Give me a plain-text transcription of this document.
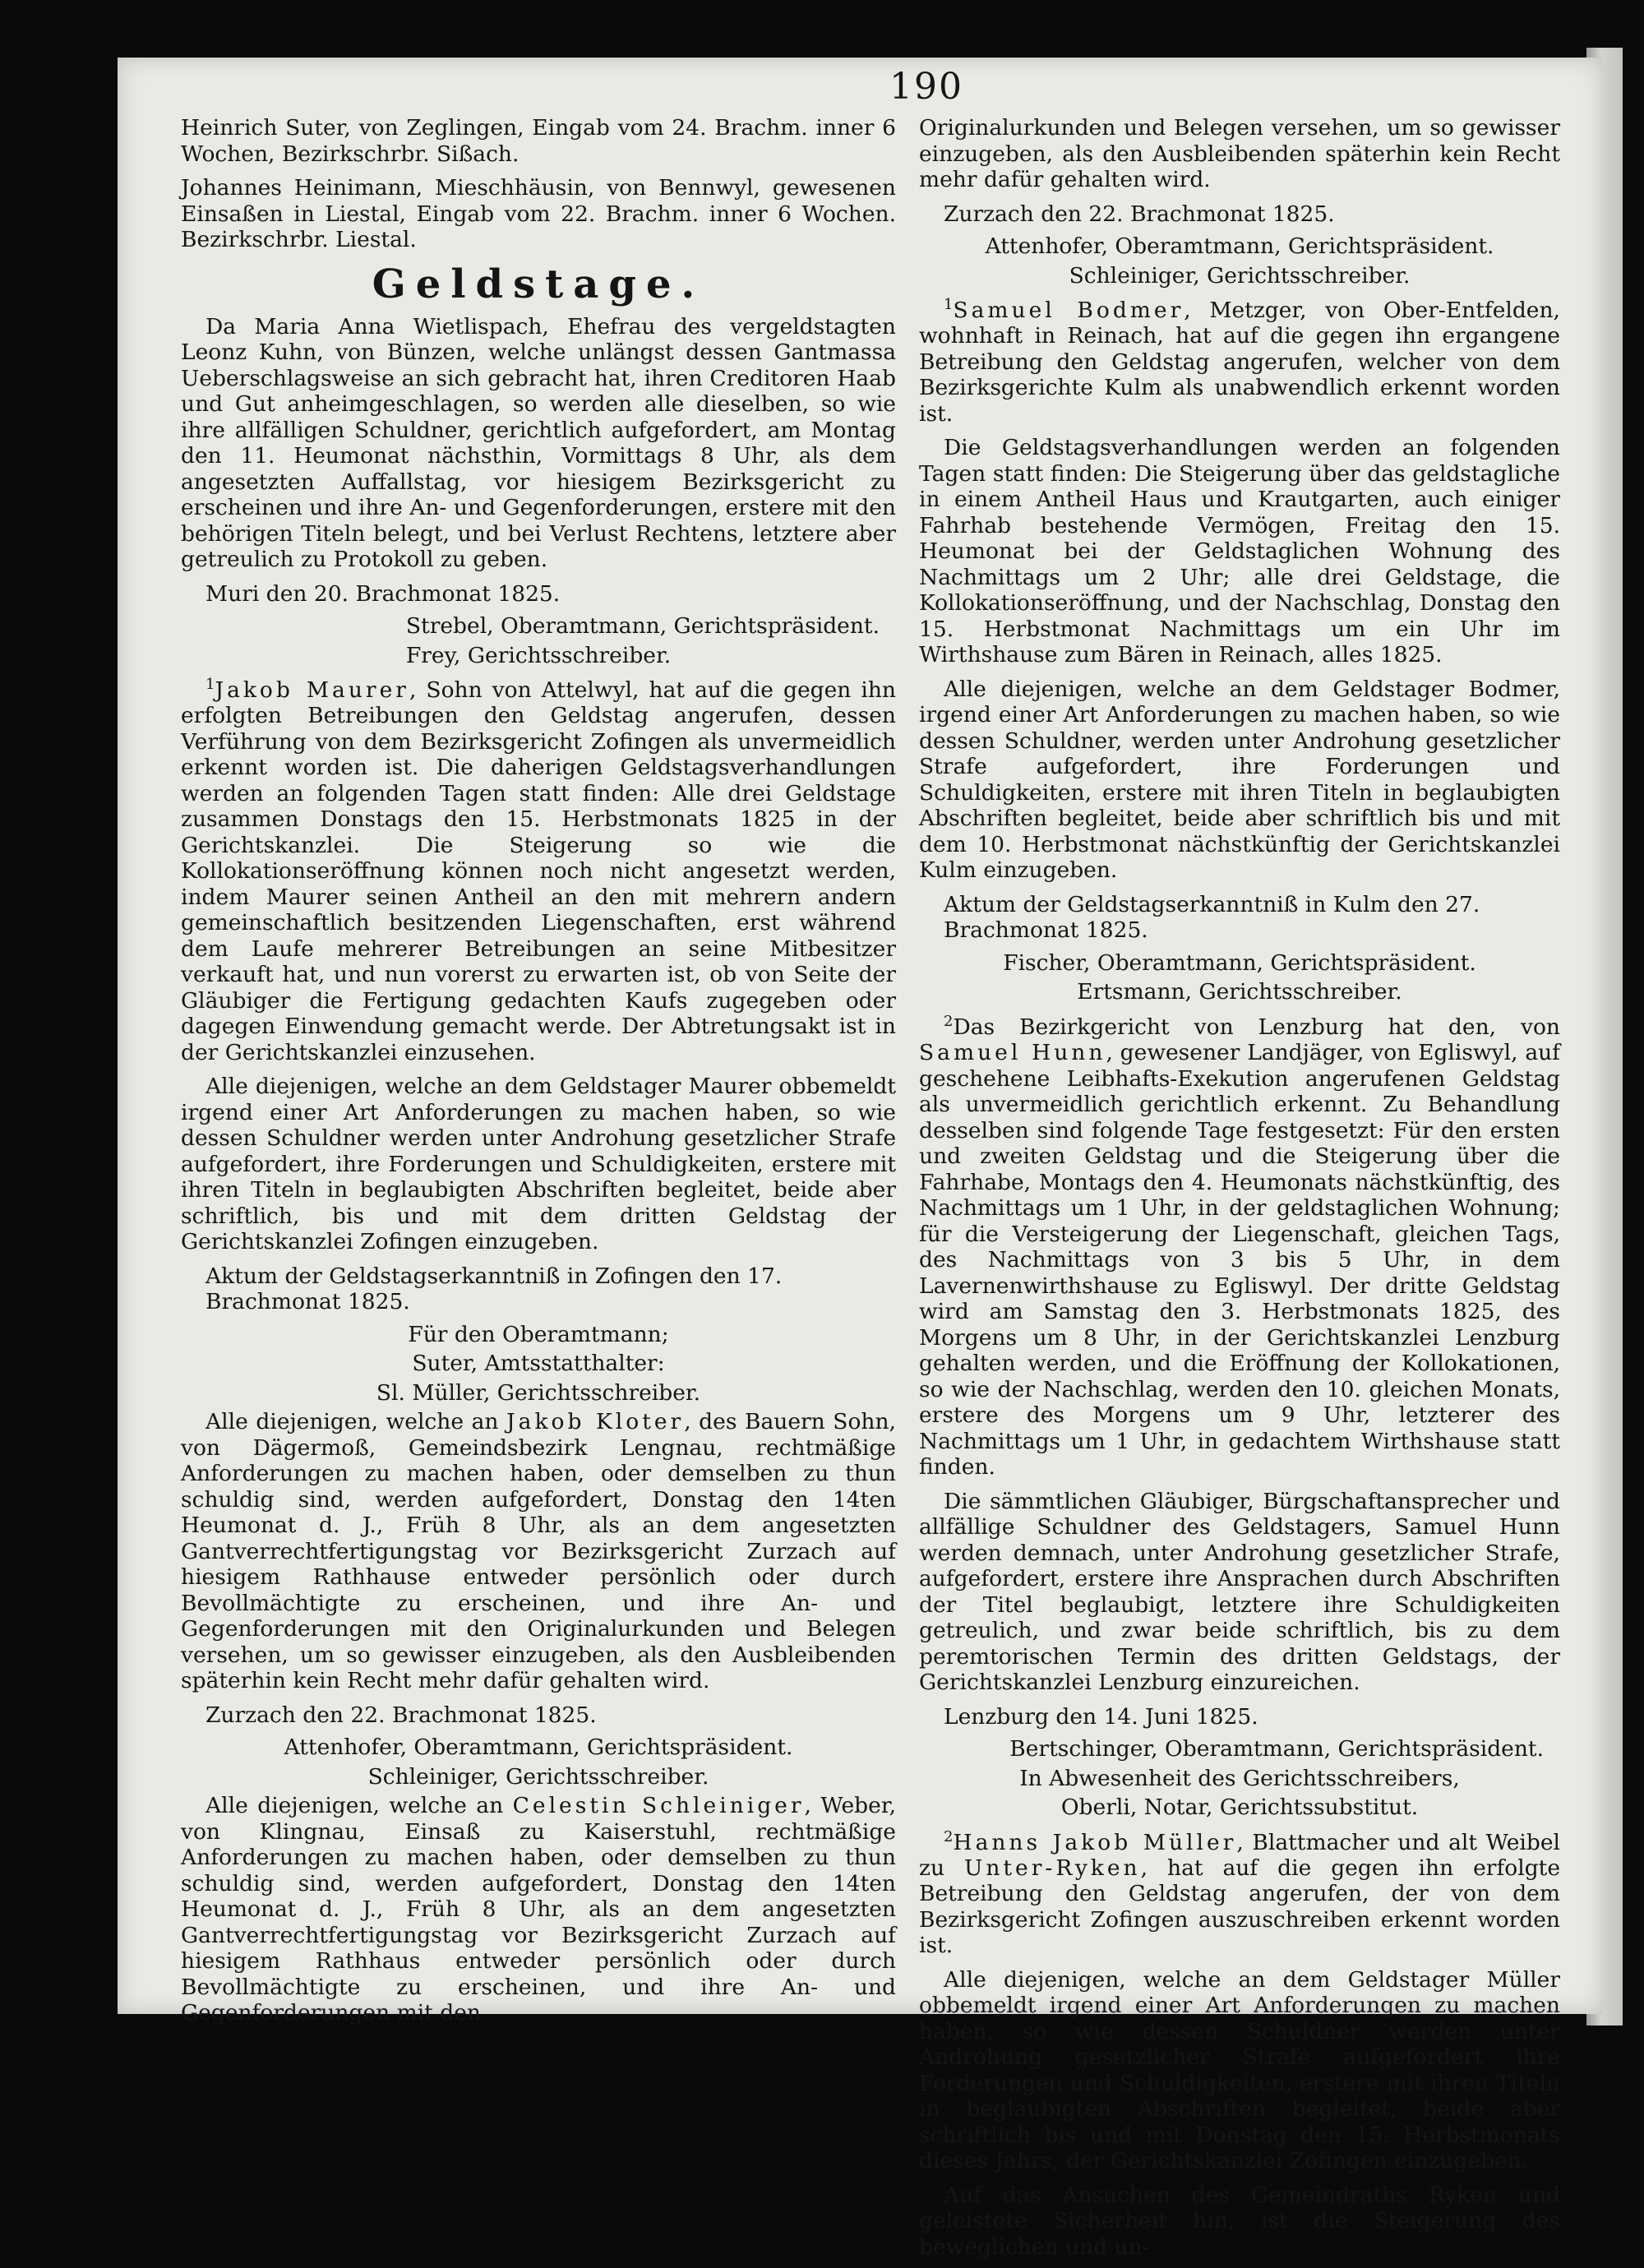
190

Heinrich Suter, von Zeglingen, Eingab vom 24. Brachm. inner 6 Wochen, Bezirkschrbr. Sißach.

Johannes Heinimann, Mieschhäusin, von Bennwyl, gewesenen Einsaßen in Liestal, Eingab vom 22. Brachm. inner 6 Wochen. Bezirkschrbr. Liestal.

Geldstage.

Da Maria Anna Wietlispach, Ehefrau des vergeldstagten Leonz Kuhn, von Bünzen, welche unlängst dessen Gantmassa Ueberschlagsweise an sich gebracht hat, ihren Creditoren Haab und Gut anheimgeschlagen, so werden alle dieselben, so wie ihre allfälligen Schuldner, gerichtlich aufgefordert, am Montag den 11. Heumonat nächsthin, Vormittags 8 Uhr, als dem angesetzten Auffallstag, vor hiesigem Bezirksgericht zu erscheinen und ihre An- und Gegenforderungen, erstere mit den behörigen Titeln belegt, und bei Verlust Rechtens, letztere aber getreulich zu Protokoll zu geben.

Muri den 20. Brachmonat 1825.

Strebel, Oberamtmann, Gerichtspräsident.

Frey, Gerichtsschreiber.

$^1$Jakob Maurer, Sohn von Attelwyl, hat auf die gegen ihn erfolgten Betreibungen den Geldstag angerufen, dessen Verführung von dem Bezirksgericht Zofingen als unvermeidlich erkennt worden ist. Die daherigen Geldstagsverhandlungen werden an folgenden Tagen statt finden: Alle drei Geldstage zusammen Donstags den 15. Herbstmonats 1825 in der Gerichtskanzlei. Die Steigerung so wie die Kollokationseröffnung können noch nicht angesetzt werden, indem Maurer seinen Antheil an den mit mehrern andern gemeinschaftlich besitzenden Liegenschaften, erst während dem Laufe mehrerer Betreibungen an seine Mitbesitzer verkauft hat, und nun vorerst zu erwarten ist, ob von Seite der Gläubiger die Fertigung gedachten Kaufs zugegeben oder dagegen Einwendung gemacht werde. Der Abtretungsakt ist in der Gerichtskanzlei einzusehen.

Alle diejenigen, welche an dem Geldstager Maurer obbemeldt irgend einer Art Anforderungen zu machen haben, so wie dessen Schuldner werden unter Androhung gesetzlicher Strafe aufgefordert, ihre Forderungen und Schuldigkeiten, erstere mit ihren Titeln in beglaubigten Abschriften begleitet, beide aber schriftlich, bis und mit dem dritten Geldstag der Gerichtskanzlei Zofingen einzugeben.

Aktum der Geldstagserkanntniß in Zofingen den 17. Brachmonat 1825.

Für den Oberamtmann;

Suter, Amtsstatthalter:

Sl. Müller, Gerichtsschreiber.

Alle diejenigen, welche an Jakob Kloter, des Bauern Sohn, von Dägermoß, Gemeindsbezirk Lengnau, rechtmäßige Anforderungen zu machen haben, oder demselben zu thun schuldig sind, werden aufgefordert, Donstag den 14ten Heumonat d. J., Früh 8 Uhr, als an dem angesetzten Gantverrechtfertigungstag vor Bezirksgericht Zurzach auf hiesigem Rathhause entweder persönlich oder durch Bevollmächtigte zu erscheinen, und ihre An- und Gegenforderungen mit den Originalurkunden und Belegen versehen, um so gewisser einzugeben, als den Ausbleibenden späterhin kein Recht mehr dafür gehalten wird.

Zurzach den 22. Brachmonat 1825.

Attenhofer, Oberamtmann, Gerichtspräsident.

Schleiniger, Gerichtsschreiber.

Alle diejenigen, welche an Celestin Schleiniger, Weber, von Klingnau, Einsaß zu Kaiserstuhl, rechtmäßige Anforderungen zu machen haben, oder demselben zu thun schuldig sind, werden aufgefordert, Donstag den 14ten Heumonat d. J., Früh 8 Uhr, als an dem angesetzten Gantverrechtfertigungstag vor Bezirksgericht Zurzach auf hiesigem Rathhaus entweder persönlich oder durch Bevollmächtigte zu erscheinen, und ihre An- und Gegenforderungen mit den

Originalurkunden und Belegen versehen, um so gewisser einzugeben, als den Ausbleibenden späterhin kein Recht mehr dafür gehalten wird.

Zurzach den 22. Brachmonat 1825.

Attenhofer, Oberamtmann, Gerichtspräsident.

Schleiniger, Gerichtsschreiber.

$^1$Samuel Bodmer, Metzger, von Ober-Entfelden, wohnhaft in Reinach, hat auf die gegen ihn ergangene Betreibung den Geldstag angerufen, welcher von dem Bezirksgerichte Kulm als unabwendlich erkennt worden ist.

Die Geldstagsverhandlungen werden an folgenden Tagen statt finden: Die Steigerung über das geldstagliche in einem Antheil Haus und Krautgarten, auch einiger Fahrhab bestehende Vermögen, Freitag den 15. Heumonat bei der Geldstaglichen Wohnung des Nachmittags um 2 Uhr; alle drei Geldstage, die Kollokationseröffnung, und der Nachschlag, Donstag den 15. Herbstmonat Nachmittags um ein Uhr im Wirthshause zum Bären in Reinach, alles 1825.

Alle diejenigen, welche an dem Geldstager Bodmer, irgend einer Art Anforderungen zu machen haben, so wie dessen Schuldner, werden unter Androhung gesetzlicher Strafe aufgefordert, ihre Forderungen und Schuldigkeiten, erstere mit ihren Titeln in beglaubigten Abschriften begleitet, beide aber schriftlich bis und mit dem 10. Herbstmonat nächstkünftig der Gerichtskanzlei Kulm einzugeben.

Aktum der Geldstagserkanntniß in Kulm den 27. Brachmonat 1825.

Fischer, Oberamtmann, Gerichtspräsident.

Ertsmann, Gerichtsschreiber.

$^2$Das Bezirkgericht von Lenzburg hat den, von Samuel Hunn, gewesener Landjäger, von Egliswyl, auf geschehene Leibhafts-Exekution angerufenen Geldstag als unvermeidlich gerichtlich erkennt. Zu Behandlung desselben sind folgende Tage festgesetzt: Für den ersten und zweiten Geldstag und die Steigerung über die Fahrhabe, Montags den 4. Heumonats nächstkünftig, des Nachmittags um 1 Uhr, in der geldstaglichen Wohnung; für die Versteigerung der Liegenschaft, gleichen Tags, des Nachmittags von 3 bis 5 Uhr, in dem Lavernenwirthshause zu Egliswyl. Der dritte Geldstag wird am Samstag den 3. Herbstmonats 1825, des Morgens um 8 Uhr, in der Gerichtskanzlei Lenzburg gehalten werden, und die Eröffnung der Kollokationen, so wie der Nachschlag, werden den 10. gleichen Monats, erstere des Morgens um 9 Uhr, letzterer des Nachmittags um 1 Uhr, in gedachtem Wirthshause statt finden.

Die sämmtlichen Gläubiger, Bürgschaftansprecher und allfällige Schuldner des Geldstagers, Samuel Hunn werden demnach, unter Androhung gesetzlicher Strafe, aufgefordert, erstere ihre Ansprachen durch Abschriften der Titel beglaubigt, letztere ihre Schuldigkeiten getreulich, und zwar beide schriftlich, bis zu dem peremtorischen Termin des dritten Geldstags, der Gerichtskanzlei Lenzburg einzureichen.

Lenzburg den 14. Juni 1825.

Bertschinger, Oberamtmann, Gerichtspräsident.

In Abwesenheit des Gerichtsschreibers,

Oberli, Notar, Gerichtssubstitut.

$^2$Hanns Jakob Müller, Blattmacher und alt Weibel zu Unter-Ryken, hat auf die gegen ihn erfolgte Betreibung den Geldstag angerufen, der von dem Bezirksgericht Zofingen auszuschreiben erkennt worden ist.

Alle diejenigen, welche an dem Geldstager Müller obbemeldt irgend einer Art Anforderungen zu machen haben, so wie dessen Schuldner werden unter Androhung gesetzlicher Strafe aufgefordert ihre Forderungen und Schuldigkeiten, erstere mit ihren Titeln in beglaubigten Abschriften begleitet, beide aber schriftlich bis und mit Donstag den 15. Herbstmonats dieses Jahrs, der Gerichtskanzlei Zofingen einzugeben.

Auf das Ansuchen des Gemeindraths Ryken und geleistete Sicherheit hin, ist die Steigerung des beweglichen und un-
